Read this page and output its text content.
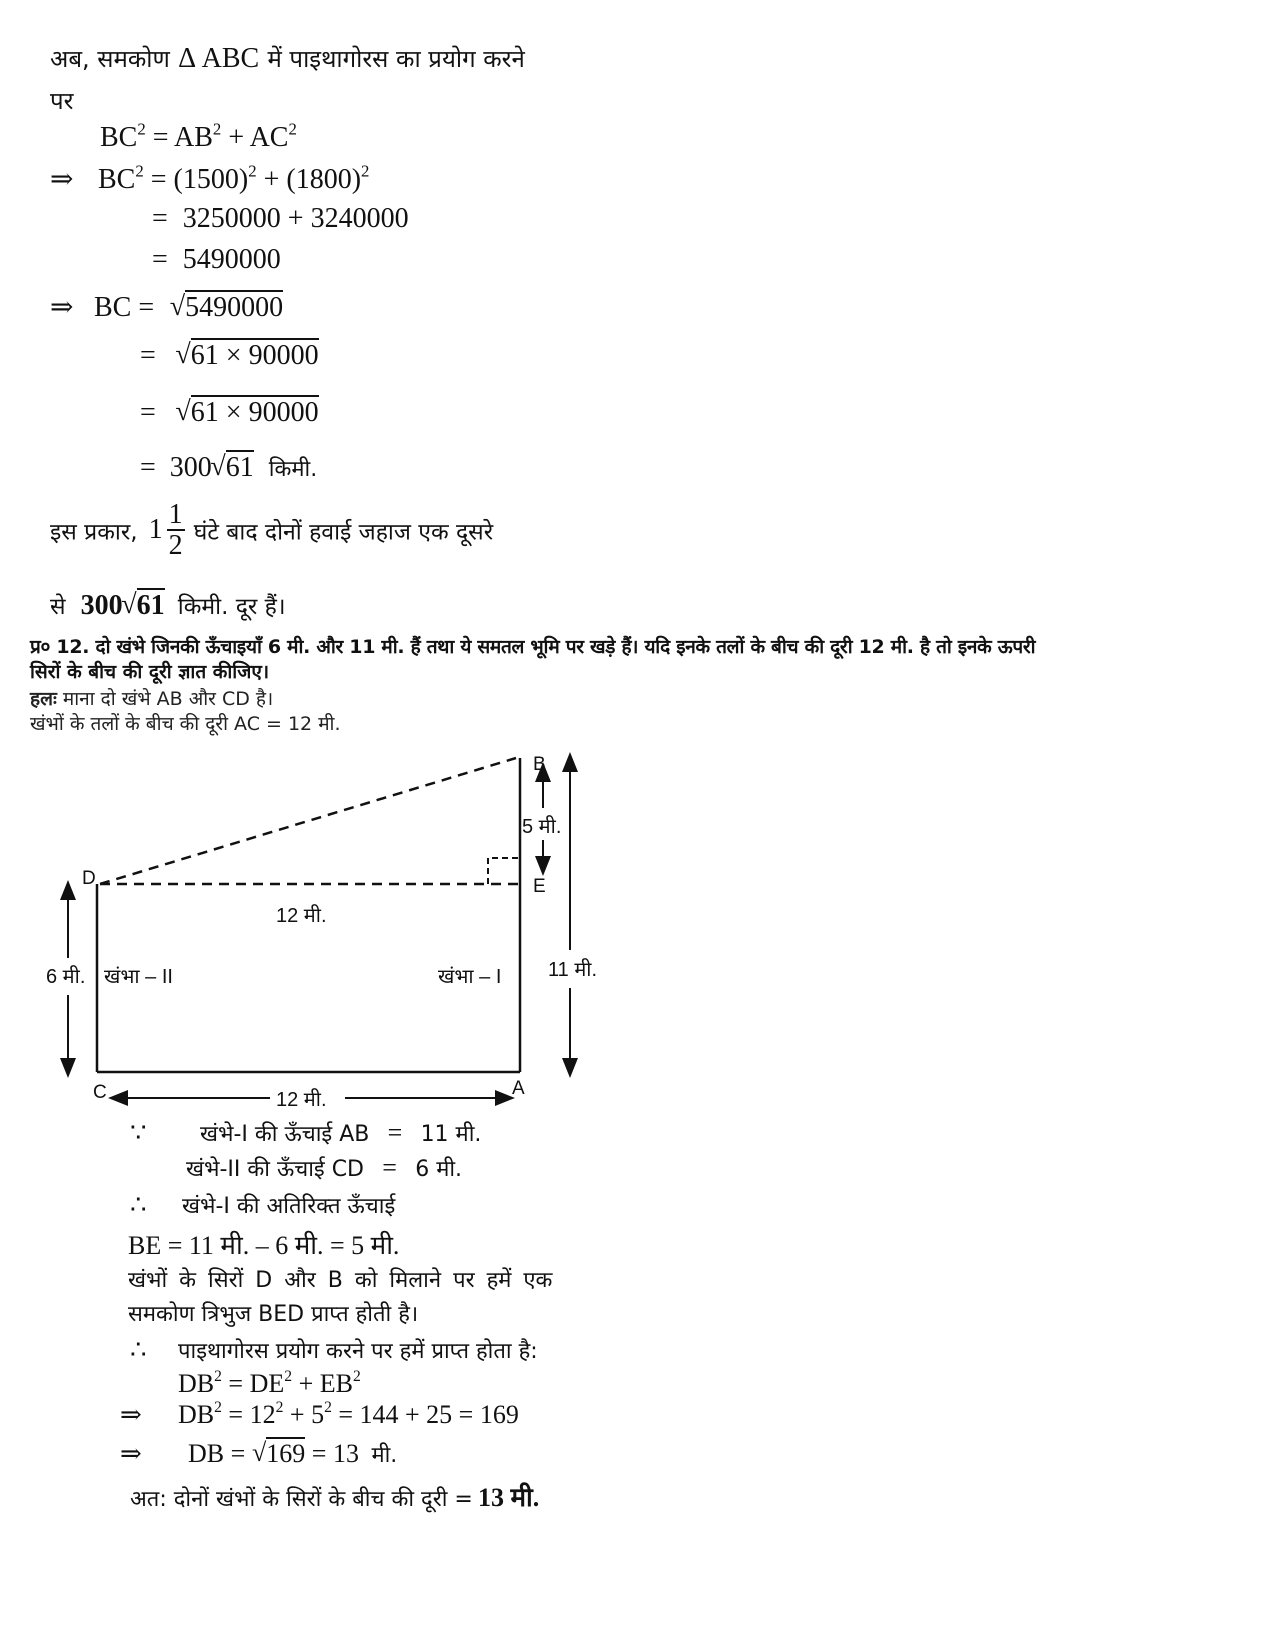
अब, समकोण Δ ABC में पाइथागोरस का प्रयोग करने
पर
$BC^2 = AB^2 + AC^2$
⇒ $BC^2 = (1500)^2 + (1800)^2$
= 3250000 + 3240000
= 5490000
⇒ BC = √ 5490000
= √ 61 × 90000
= √ 61 × 90000
= 300 √ 61 किमी.
इस प्रकार, $1 \frac{1}{2}$ घंटे बाद दोनों हवाई जहाज एक दूसरे
से 300 √ 61 किमी. दूर हैं।
प्र० 12. दो खंभे जिनकी ऊँचाइयाँ 6 मी. और 11 मी. हैं तथा ये समतल भूमि पर खड़े हैं। यदि इनके तलों के बीच की दूरी 12 मी. है तो इनके ऊपरी
सिरों के बीच की दूरी ज्ञात कीजिए।
हलः माना दो खंभे AB और CD है।
खंभों के तलों के बीच की दूरी AC = 12 मी.
B
E
D
C	A
5 मी.
12 मी.
6 मी.	11 मी.
12 मी.
खंभा – II	खंभा – I
∵ खंभे-I की ऊँचाई AB = 11 मी.
खंभे-II की ऊँचाई CD = 6 मी.
∴ खंभे-I की अतिरिक्त ऊँचाई
BE = 11 मी. – 6 मी. = 5 मी.
खंभों के सिरों D और B को मिलाने पर हमें एक
समकोण त्रिभुज BED प्राप्त होती है।
∴ पाइथागोरस प्रयोग करने पर हमें प्राप्त होता है:
$DB^2 = DE^2 + EB^2$
⇒ $DB^2 = 12^2 + 5^2 = 144 + 25 = 169$
⇒ DB = √ 169 = 13 मी.
अत: दोनों खंभों के सिरों के बीच की दूरी = 13 मी.
